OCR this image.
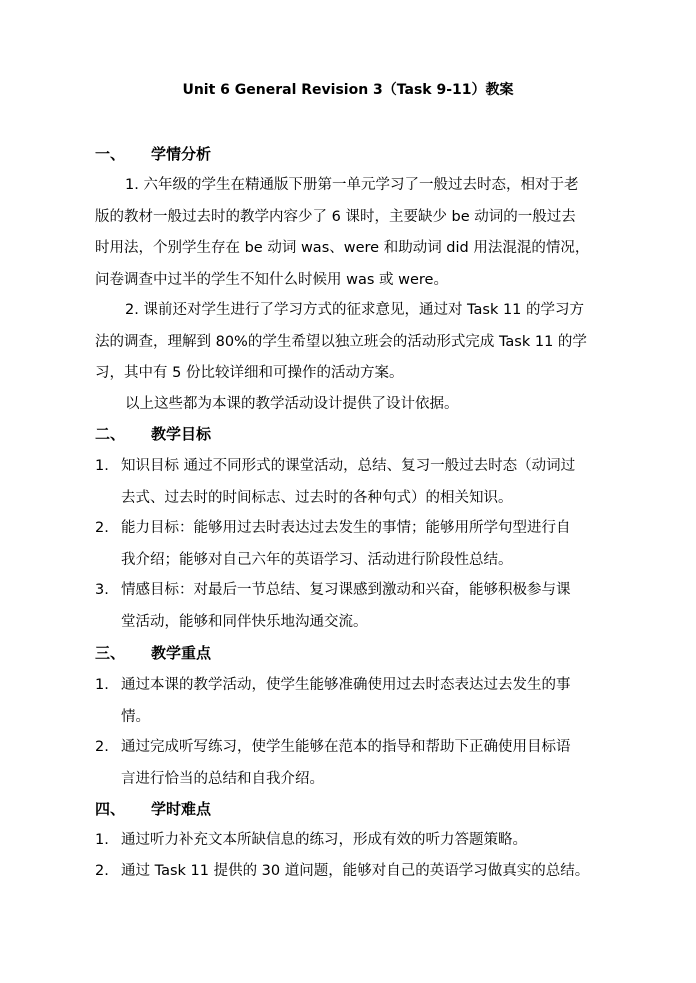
Unit 6 General Revision 3（Task 9-11）教案
一、 学情分析
1. 六年级的学生在精通版下册第一单元学习了一般过去时态，相对于老
版的教材一般过去时的教学内容少了 6 课时，主要缺少 be 动词的一般过去
时用法，个别学生存在 be 动词 was、were 和助动词 did 用法混混的情况，
问卷调查中过半的学生不知什么时候用 was 或 were。
2. 课前还对学生进行了学习方式的征求意见，通过对 Task 11 的学习方
法的调查，理解到 80%的学生希望以独立班会的活动形式完成 Task 11 的学
习，其中有 5 份比较详细和可操作的活动方案。
以上这些都为本课的教学活动设计提供了设计依据。
二、 教学目标
1. 知识目标 通过不同形式的课堂活动，总结、复习一般过去时态（动词过
去式、过去时的时间标志、过去时的各种句式）的相关知识。
2. 能力目标：能够用过去时表达过去发生的事情；能够用所学句型进行自
我介绍；能够对自己六年的英语学习、活动进行阶段性总结。
3. 情感目标：对最后一节总结、复习课感到激动和兴奋，能够积极参与课
堂活动，能够和同伴快乐地沟通交流。
三、 教学重点
1. 通过本课的教学活动，使学生能够准确使用过去时态表达过去发生的事
情。
2. 通过完成听写练习，使学生能够在范本的指导和帮助下正确使用目标语
言进行恰当的总结和自我介绍。
四、 学时难点
1. 通过听力补充文本所缺信息的练习，形成有效的听力答题策略。
2. 通过 Task 11 提供的 30 道问题，能够对自己的英语学习做真实的总结。
